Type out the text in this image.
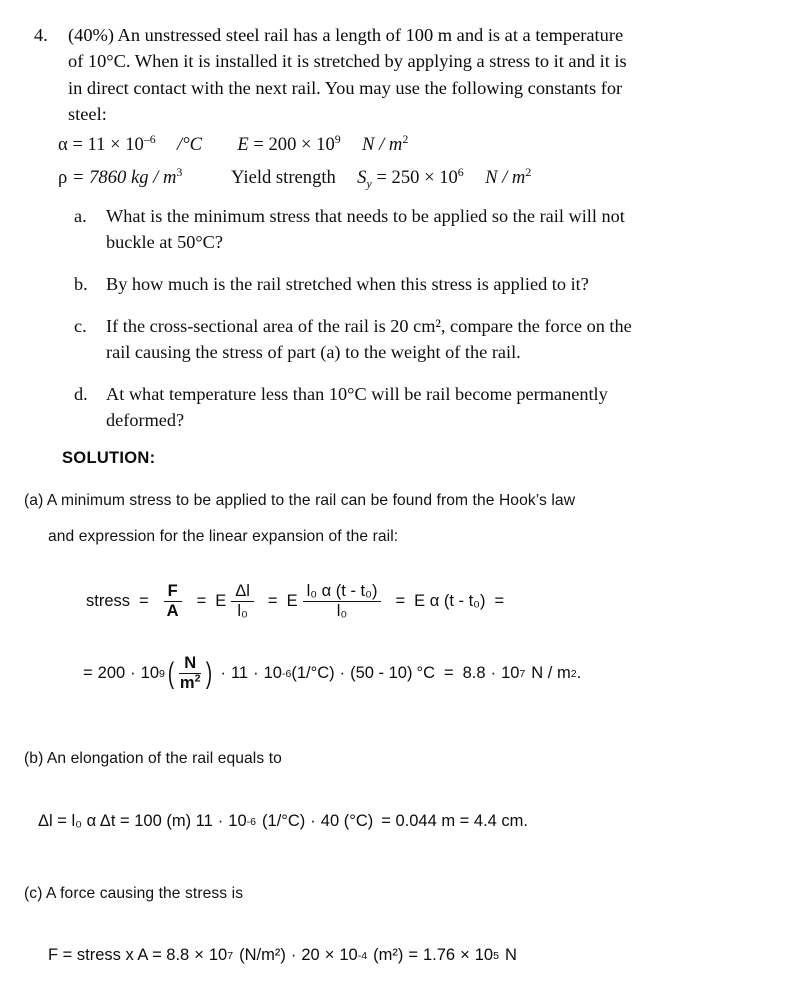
4.	(40%) An unstressed steel rail has a length of 100 m and is at a temperature
of 10°C. When it is installed it is stretched by applying a stress to it and it is
in direct contact with the next rail. You may use the following constants for
steel:
$\alpha = 11 \times 10^{-6}$ /°C $E = 200 \times 10^9$ N / $m^2$
ρ = 7860 kg / $m^3$	Yield strength $S_y = 250 \times 10^6$ N / $m^2$
a.	What is the minimum stress that needs to be applied so the rail will not
buckle at 50°C?
b. By how much is the rail stretched when this stress is applied to it?
c.	If the cross-sectional area of the rail is 20 cm², compare the force on the
rail causing the stress of part (a) to the weight of the rail.
d. At what temperature less than 10°C will be rail become permanently
deformed?
SOLUTION:
(a) A minimum stress to be applied to the rail can be found from the Hook’s law
and expression for the linear expansion of the rail:
stress = $\frac{F}{A} = E \frac{\Delta l}{\text{l₀}} = E \frac{\text{l₀ α (t - t₀)}}{\text{l₀}} = E$ α (t - t₀) =
= 200 · 10 9 ( $\frac{N}{m^2}$ ) · 11 · 10 -6 (1/°C) · (50 - 10) °C = 8.8 · 10 7 N / m 2 .
(b) An elongation of the rail equals to
Δl = l₀ α Δt = 100 (m) 11 · 10 -6 (1/°C) · 40 (°C) = 0.044 m = 4.4 cm.
(c) A force causing the stress is
F = stress x A = 8.8 × 10 7 (N/m²) · 20 × 10 -4 (m²) = 1.76 × 10 5 N
